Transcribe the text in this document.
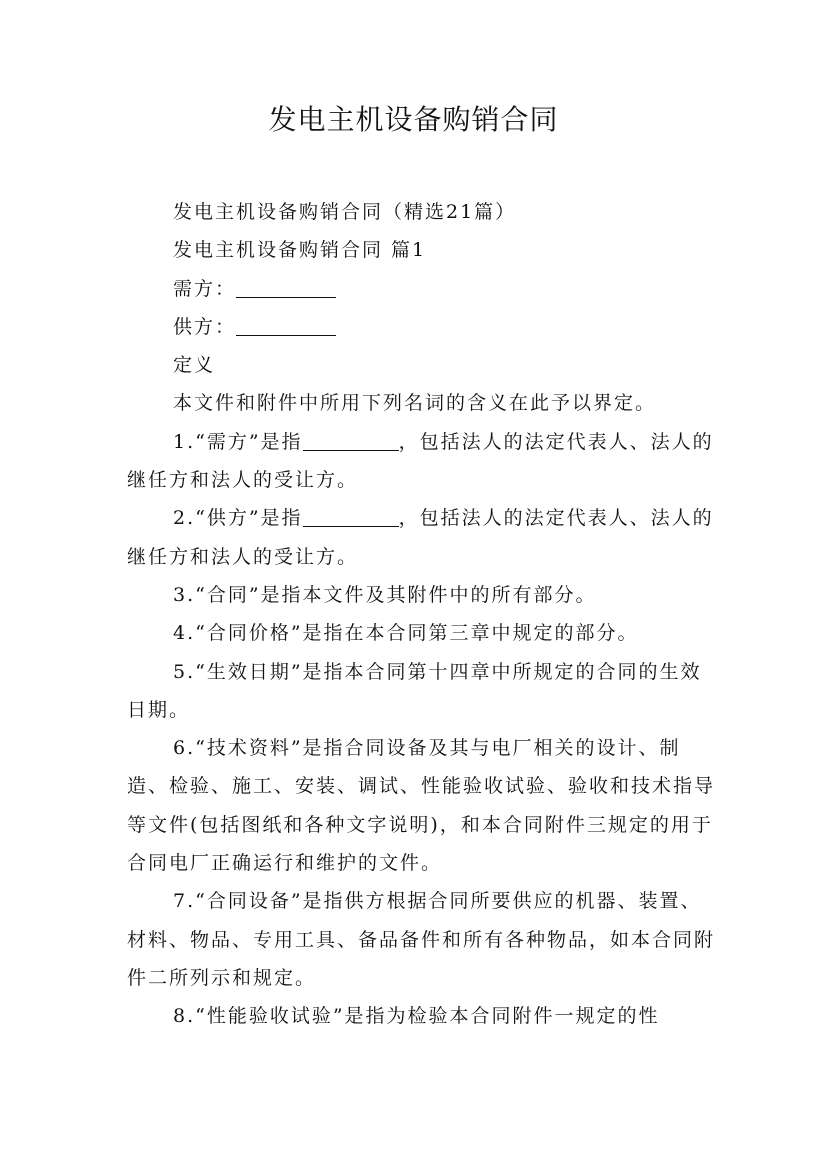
发电主机设备购销合同

发电主机设备购销合同（精选21篇）

发电主机设备购销合同 篇1

需方：

供方：

定义

本文件和附件中所用下列名词的含义在此予以界定。

1.“需方”是指	，包括法人的法定代表人、法人的继任方和法人的受让方。

2.“供方”是指	，包括法人的法定代表人、法人的继任方和法人的受让方。

3.“合同”是指本文件及其附件中的所有部分。

4.“合同价格”是指在本合同第三章中规定的部分。

5.“生效日期”是指本合同第十四章中所规定的合同的生效日期。

6.“技术资料”是指合同设备及其与电厂相关的设计、制造、检验、施工、安装、调试、性能验收试验、验收和技术指导等文件(包括图纸和各种文字说明)，和本合同附件三规定的用于合同电厂正确运行和维护的文件。

7.“合同设备”是指供方根据合同所要供应的机器、装置、材料、物品、专用工具、备品备件和所有各种物品，如本合同附件二所列示和规定。

8.“性能验收试验”是指为检验本合同附件一规定的性
